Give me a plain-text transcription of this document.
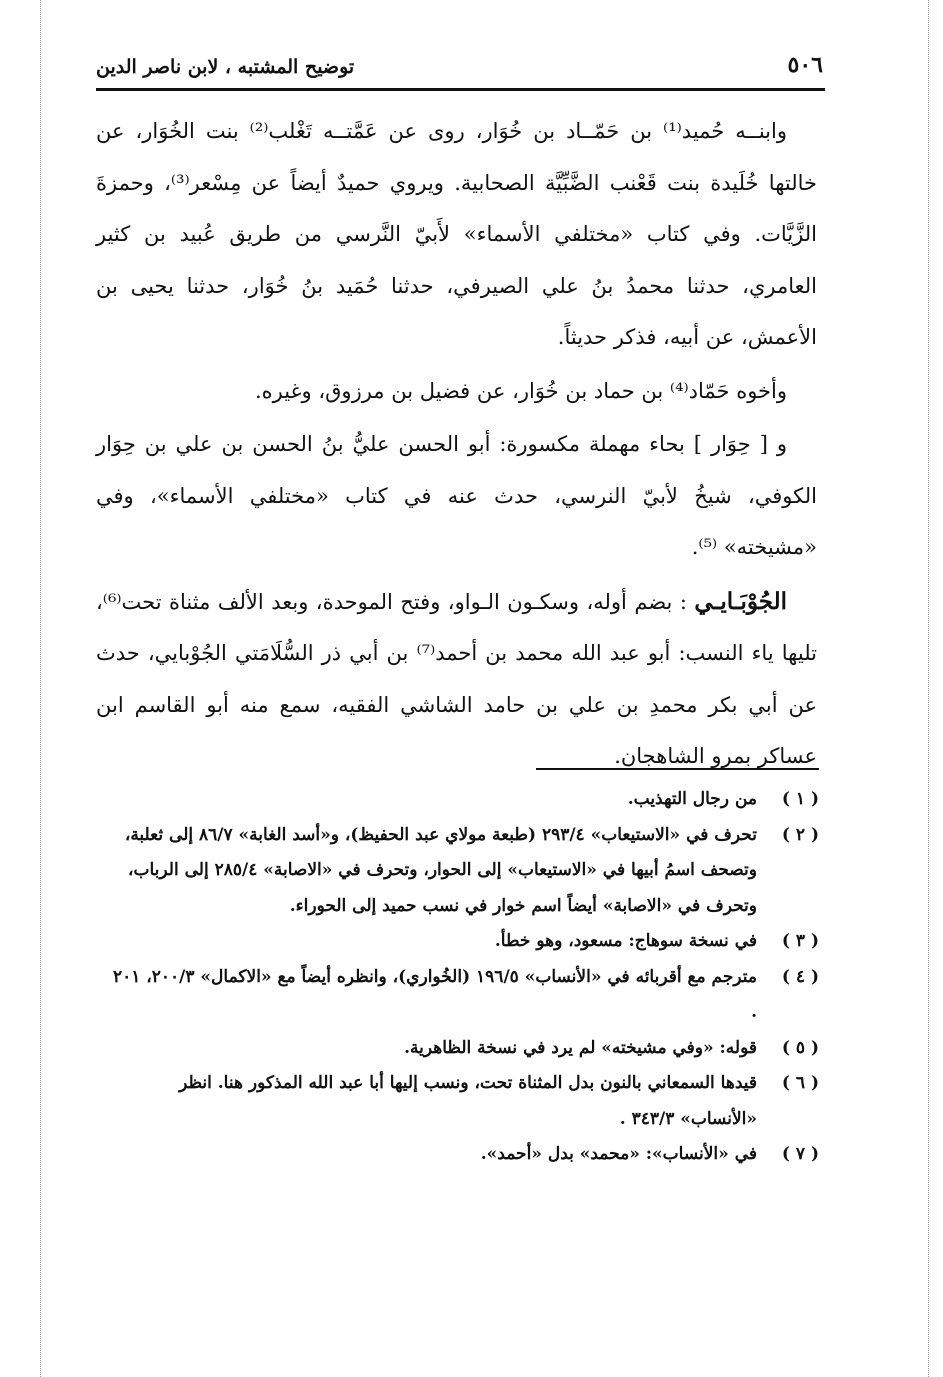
٥٠٦
توضيح المشتبه ، لابن ناصر الدين

وابنــه حُميد⁽¹⁾ بن حَمّــاد بن خُوَار، روى عن عَمَّتــه تَغْلب⁽²⁾ بنت الخُوَار، عن خالتها خُلَيدة بنت قَعْنب الضَّبِّيَّة الصحابية. ويروي حميدٌ أيضاً عن مِسْعر⁽³⁾، وحمزةَ الزَّيَّات. وفي كتاب «مختلفي الأسماء» لأَبيّ النَّرسي من طريق عُبيد بن كثير العامري، حدثنا محمدُ بنُ علي الصيرفي، حدثنا حُمَيد بنُ خُوَار، حدثنا يحيى بن الأعمش، عن أبيه، فذكر حديثاً.

وأخوه حَمّاد⁽⁴⁾ بن حماد بن خُوَار، عن فضيل بن مرزوق، وغيره.

و [ حِوَار ] بحاء مهملة مكسورة: أبو الحسن عليُّ بنُ الحسن بن علي بن حِوَار الكوفي، شيخُ لأبيّ النرسي، حدث عنه في كتاب «مختلفي الأسماء»، وفي «مشيخته» ⁽⁵⁾.

الجُوْبَـايـي : بضم أوله، وسكـون الـواو، وفتح الموحدة، وبعد الألف مثناة تحت⁽⁶⁾، تليها ياء النسب: أبو عبد الله محمد بن أحمد⁽⁷⁾ بن أبي ذر السُّلَامَتي الجُوْبايي، حدث عن أبي بكر محمدِ بن علي بن حامد الشاشي الفقيه، سمع منه أبو القاسم ابن عساكر بمرو الشاهجان.

( ١ )
من رجال التهذيب.

( ٢ )
تحرف في «الاستيعاب» ٢٩٣/٤ (طبعة مولاي عبد الحفيظ)، و«أسد الغابة» ٨٦/٧ إلى ثعلبة، وتصحف اسمُ أبيها في «الاستيعاب» إلى الحوار، وتحرف في «الاصابة» ٢٨٥/٤ إلى الرباب، وتحرف في «الاصابة» أيضاً اسم خوار في نسب حميد إلى الحوراء.

( ٣ )
في نسخة سوهاج: مسعود، وهو خطأ.

( ٤ )
مترجم مع أقربائه في «الأنساب» ١٩٦/٥ (الخُواري)، وانظره أيضاً مع «الاكمال» ٢٠٠/٣، ٢٠١ .

( ٥ )
قوله: «وفي مشيخته» لم يرد في نسخة الظاهرية.

( ٦ )
قيدها السمعاني بالنون بدل المثناة تحت، ونسب إليها أبا عبد الله المذكور هنا. انظر «الأنساب» ٣٤٣/٣ .

( ٧ )
في «الأنساب»: «محمد» بدل «أحمد».
